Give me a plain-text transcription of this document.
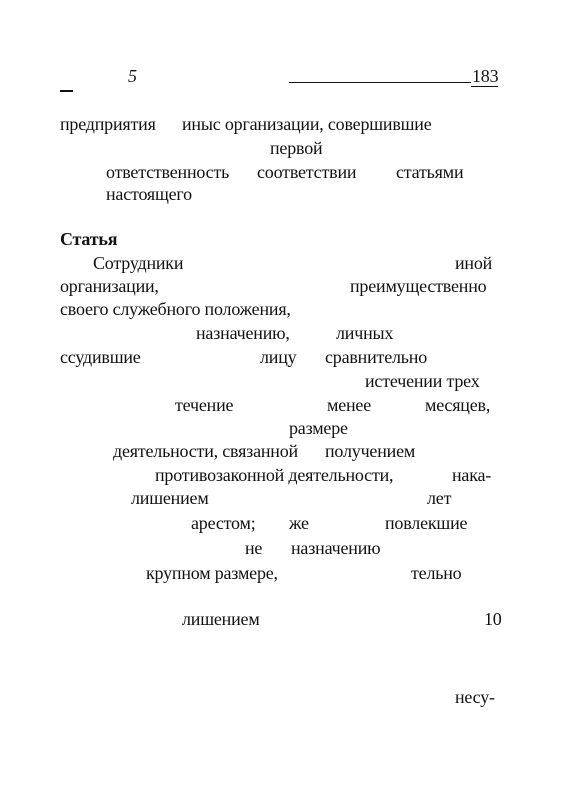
5	183
предприятия иныс организации, совершившие
первой
ответственность соответствии статьями
настоящего
Статья
Сотрудники	иной
организации,	преимущественно
своего служебного положения,
назначению,	личных
ссудившие	лицу сравнительно
истечении трех
течение	менее	месяцев,
размере
деятельности, связанной получением
противозаконной деятельности,	нака-
лишением	лет
арестом; же	повлекшие
не назначению
крупном размере,	тельно
лишением	10
несу-
